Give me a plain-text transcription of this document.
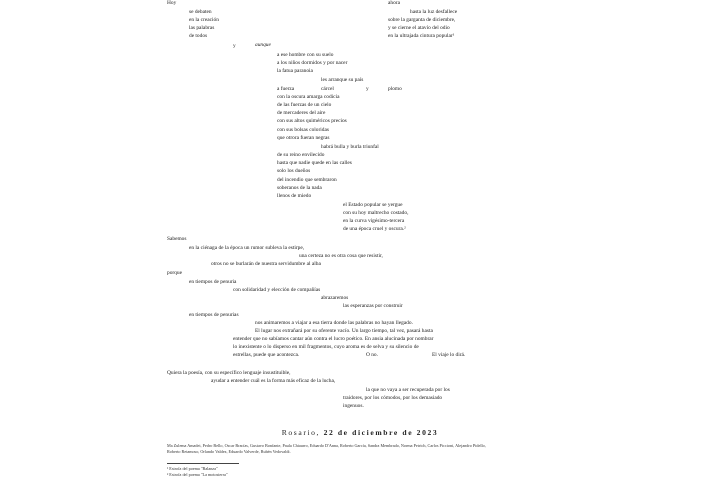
Hoy	ahora
se debaten	hasta la luz desfallece
en la creación	sobre la garganta de diciembre,
las palabras	y se cierne el atavío del odio
de todos	en la ultrajada cintura popular¹
y	aunque
a ese hombre con su suelo
a los niños dormidos y por nacer
la fatua paranoia
les arranque su país
a fuerza	cárcel	y	plomo
con la oscura amarga codicia
de las fuerzas de un cielo
de mercaderes del aire
con sus altos quiméricos precios
con sus bolsas coloridas
que otrora fueran negras
habrá bulla y burla triunfal
de su reino envilecido
hasta que nadie quede en las calles
solo los dueños
del incendio que sembraron
soberanos de la nada
llenos de miedo
el Estado popular se yergue
con su hoy maltrecho costado,
en la curva vigésimo-tercera
de una época cruel y oscura.²
Sabemos
en la ciénaga de la época un rumor subleva la estirpe,
una certeza no es otra cosa que resistir,
otros no se burlarán de nuestra servidumbre al alba
porque
en tiempos de penuria
con solidaridad y elección de compañías
abrazaremos
las esperanzas por construir
en tiempos de penurias
nos animaremos a viajar a esa tierra donde las palabras no hayan llegado.
El lugar nos extrañará por su oferente vacío. Un largo tiempo, tal vez, pasará hasta
entender que no sabíamos cantar aún contra el lucro poético. En ansia alucinada por nombrar
lo inexistente o lo disperso en mil fragmentos, cuyo aroma es de selva y su silencio de
estrellas, puede que acontezca.	O no.	El viaje lo dirá.
Quiera la poesía, con su específico lenguaje insustituible,
ayudar a entender cuál es la forma más eficaz de la lucha,
la que no vaya a ser recuperada por los
traidores, por los cómodos, por los demasiado
ingenuos.
Rosario, 22 de diciembre de 2023
Ma Zulema Amadei, Pedro Bello, Oscar Bracías, Gustavo Bonfante, Paula Chiaurro, Eduardo D'Anna, Roberto García, Sandra Membrado, Norma Petrich, Carlos Piccioni, Alejandro Pidello, Roberto Retamoso, Orlando Valdez, Eduardo Valverde, Rubén Vedovaldi.
¹ Estrofa del poema "Balanza"
² Estrofa del poema "La motosierra"
